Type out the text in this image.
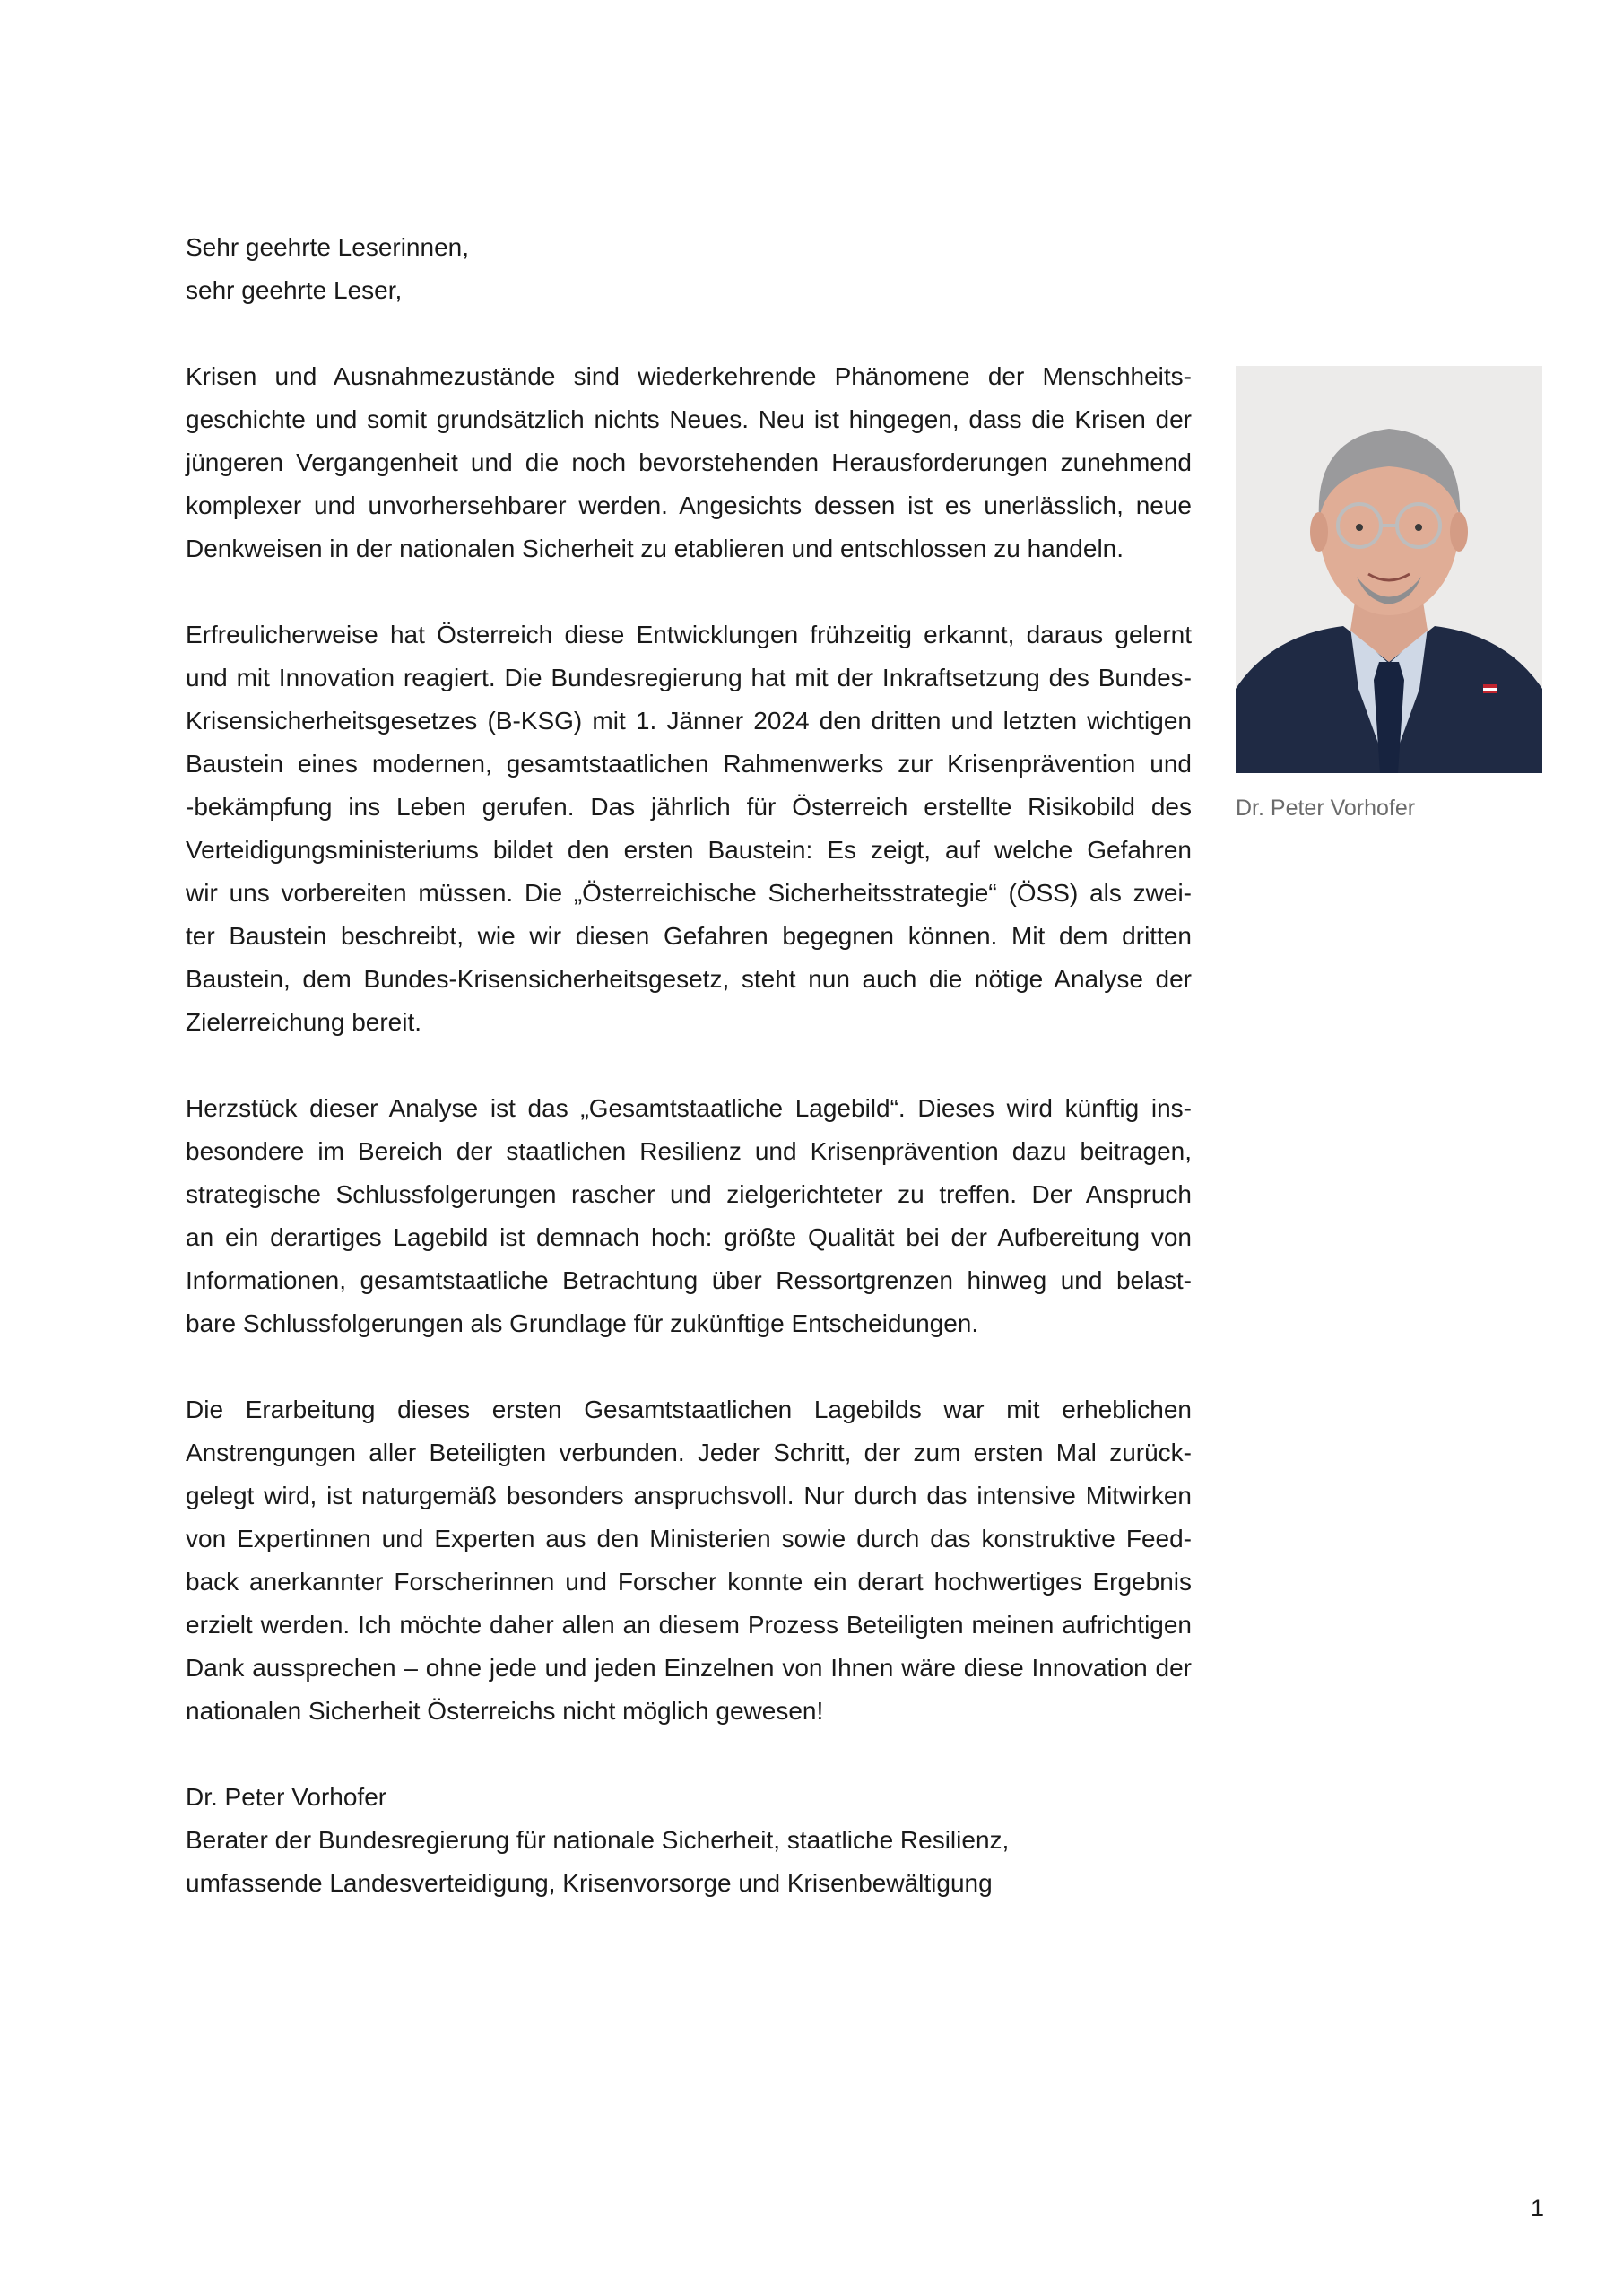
Sehr geehrte Leserinnen,
sehr geehrte Leser,

Krisen und Ausnahmezustände sind wiederkehrende Phänomene der Menschheits-
geschichte und somit grundsätzlich nichts Neues. Neu ist hingegen, dass die Krisen der
jüngeren Vergangenheit und die noch bevorstehenden Herausforderungen zunehmend
komplexer und unvorhersehbarer werden. Angesichts dessen ist es unerlässlich, neue
Denkweisen in der nationalen Sicherheit zu etablieren und entschlossen zu handeln.

Erfreulicherweise hat Österreich diese Entwicklungen frühzeitig erkannt, daraus gelernt
und mit Innovation reagiert. Die Bundesregierung hat mit der Inkraftsetzung des Bundes-
Krisensicherheitsgesetzes (B-KSG) mit 1. Jänner 2024 den dritten und letzten wichtigen
Baustein eines modernen, gesamtstaatlichen Rahmenwerks zur Krisenprävention und
-bekämpfung ins Leben gerufen. Das jährlich für Österreich erstellte Risikobild des
Verteidigungsministeriums bildet den ersten Baustein: Es zeigt, auf welche Gefahren
wir uns vorbereiten müssen. Die „Österreichische Sicherheitsstrategie“ (ÖSS) als zwei-
ter Baustein beschreibt, wie wir diesen Gefahren begegnen können. Mit dem dritten
Baustein, dem Bundes-Krisensicherheitsgesetz, steht nun auch die nötige Analyse der
Zielerreichung bereit.

Herzstück dieser Analyse ist das „Gesamtstaatliche Lagebild“. Dieses wird künftig ins-
besondere im Bereich der staatlichen Resilienz und Krisenprävention dazu beitragen,
strategische Schlussfolgerungen rascher und zielgerichteter zu treffen. Der Anspruch
an ein derartiges Lagebild ist demnach hoch: größte Qualität bei der Aufbereitung von
Informationen, gesamtstaatliche Betrachtung über Ressortgrenzen hinweg und belast-
bare Schlussfolgerungen als Grundlage für zukünftige Entscheidungen.

Die Erarbeitung dieses ersten Gesamtstaatlichen Lagebilds war mit erheblichen
Anstrengungen aller Beteiligten verbunden. Jeder Schritt, der zum ersten Mal zurück-
gelegt wird, ist naturgemäß besonders anspruchsvoll. Nur durch das intensive Mitwirken
von Expertinnen und Experten aus den Ministerien sowie durch das konstruktive Feed-
back anerkannter Forscherinnen und Forscher konnte ein derart hochwertiges Ergebnis
erzielt werden. Ich möchte daher allen an diesem Prozess Beteiligten meinen aufrichtigen
Dank aussprechen – ohne jede und jeden Einzelnen von Ihnen wäre diese Innovation der
nationalen Sicherheit Österreichs nicht möglich gewesen!

Dr. Peter Vorhofer
Berater der Bundesregierung für nationale Sicherheit, staatliche Resilienz,
umfassende Landesverteidigung, Krisenvorsorge und Krisenbewältigung

Dr. Peter Vorhofer
1
